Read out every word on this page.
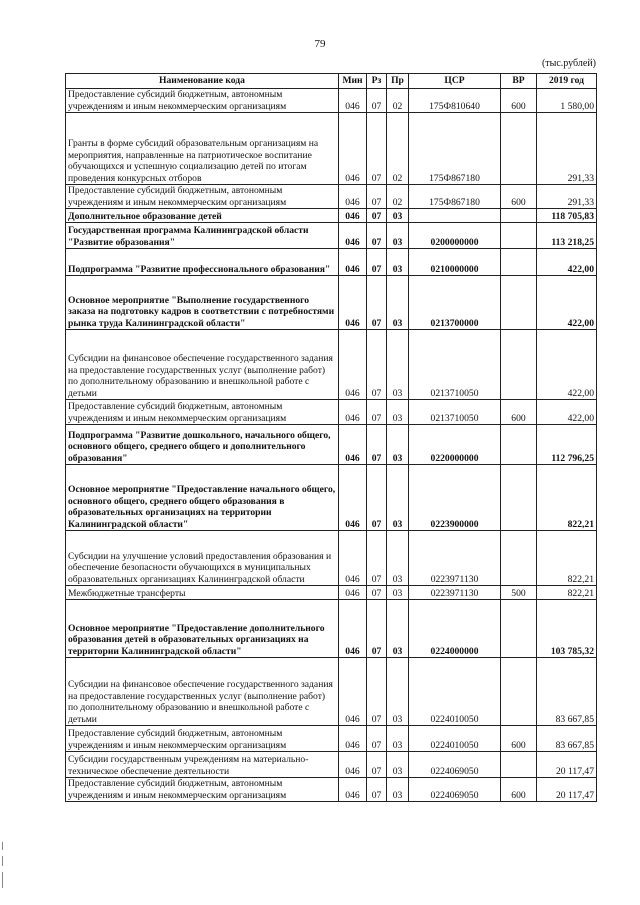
79
(тыс.рублей)
Наименование кода	Мин	Рз	Пр	ЦСР	ВР	2019 год
Предоставление субсидий бюджетным, автономным учреждениям и иным некоммерческим организациям	046	07	02	175Ф810640	600	1 580,00
Гранты в форме субсидий образовательным организациям на мероприятия, направленные на патриотическое воспитание обучающихся и успешную социализацию детей по итогам проведения конкурсных отборов	046	07	02	175Ф867180		291,33
Предоставление субсидий бюджетным, автономным учреждениям и иным некоммерческим организациям	046	07	02	175Ф867180	600	291,33
Дополнительное образование детей	046	07	03			118 705,83
Государственная программа Калининградской области "Развитие образования"	046	07	03	0200000000		113 218,25
Подпрограмма "Развитие профессионального образования"	046	07	03	0210000000		422,00
Основное мероприятие "Выполнение государственного заказа на подготовку кадров в соответствии с потребностями рынка труда Калининградской области"	046	07	03	0213700000		422,00
Субсидии на финансовое обеспечение государственного задания на предоставление государственных услуг (выполнение работ) по дополнительному образованию и внешкольной работе с детьми	046	07	03	0213710050		422,00
Предоставление субсидий бюджетным, автономным учреждениям и иным некоммерческим организациям	046	07	03	0213710050	600	422,00
Подпрограмма "Развитие дошкольного, начального общего, основного общего, среднего общего и дополнительного образования"	046	07	03	0220000000		112 796,25
Основное мероприятие "Предоставление начального общего, основного общего, среднего общего образования в образовательных организациях на территории Калининградской области"	046	07	03	0223900000		822,21
Субсидии на улучшение условий предоставления образования и обеспечение безопасности обучающихся в муниципальных образовательных организациях Калининградской области	046	07	03	0223971130		822,21
Межбюджетные трансферты	046	07	03	0223971130	500	822,21
Основное мероприятие "Предоставление дополнительного образования детей в образовательных организациях на территории Калининградской области"	046	07	03	0224000000		103 785,32
Субсидии на финансовое обеспечение государственного задания на предоставление государственных услуг (выполнение работ) по дополнительному образованию и внешкольной работе с детьми	046	07	03	0224010050		83 667,85
Предоставление субсидий бюджетным, автономным учреждениям и иным некоммерческим организациям	046	07	03	0224010050	600	83 667,85
Субсидии государственным учреждениям на материально-техническое обеспечение деятельности	046	07	03	0224069050		20 117,47
Предоставление субсидий бюджетным, автономным учреждениям и иным некоммерческим организациям	046	07	03	0224069050	600	20 117,47
